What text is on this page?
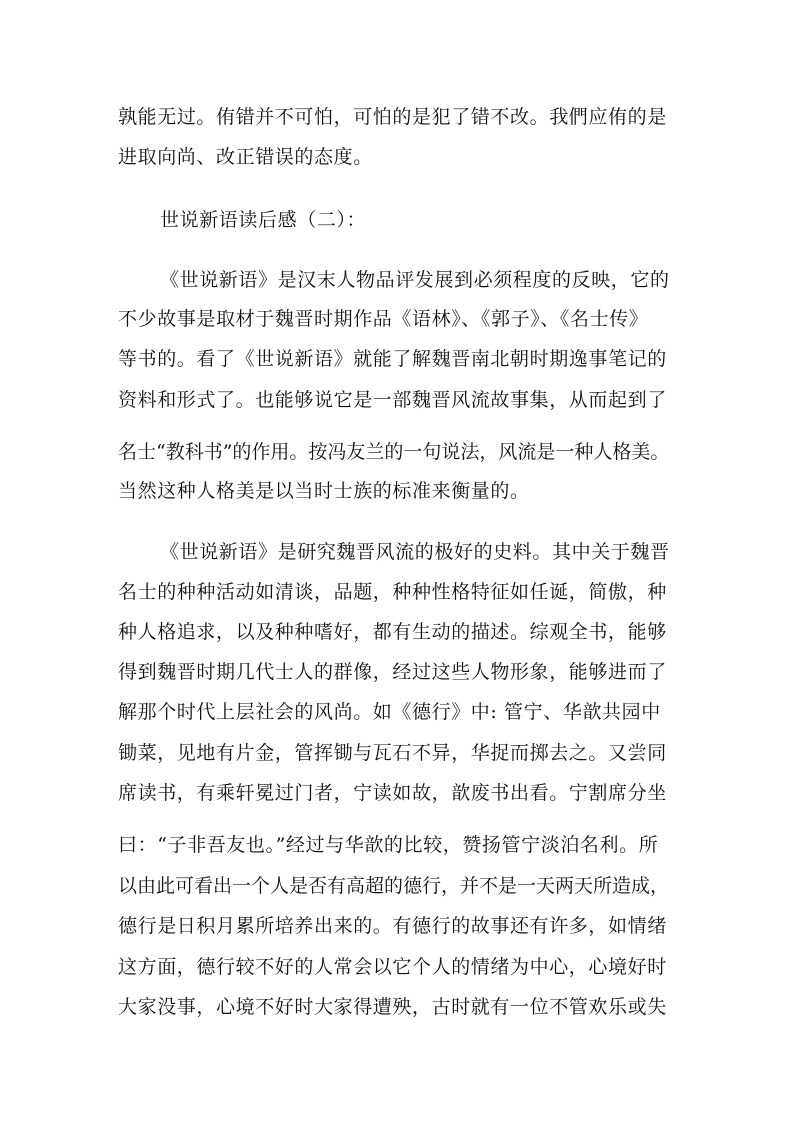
孰能无过。侑错并不可怕，可怕的是犯了错不改。我們应侑的是
进取向尚、改正错误的态度。
世说新语读后感（二）：
《世说新语》是汉末人物品评发展到必须程度的反映，它的
不少故事是取材于魏晋时期作品《语林》、《郭子》、《名士传》
等书的。看了《世说新语》就能了解魏晋南北朝时期逸事笔记的
资料和形式了。也能够说它是一部魏晋风流故事集，从而起到了
名士“教科书”的作用。按冯友兰的一句说法，风流是一种人格美。
当然这种人格美是以当时士族的标准来衡量的。
《世说新语》是研究魏晋风流的极好的史料。其中关于魏晋
名士的种种活动如清谈，品题，种种性格特征如任诞，简傲，种
种人格追求，以及种种嗜好，都有生动的描述。综观全书，能够
得到魏晋时期几代士人的群像，经过这些人物形象，能够进而了
解那个时代上层社会的风尚。如《德行》中: 管宁、华歆共园中
锄菜，见地有片金，管挥锄与瓦石不异，华捉而掷去之。又尝同
席读书，有乘轩冕过门者，宁读如故，歆废书出看。宁割席分坐
曰：“子非吾友也。”经过与华歆的比较，赞扬管宁淡泊名利。所
以由此可看出一个人是否有高超的德行，并不是一天两天所造成，
德行是日积月累所培养出来的。有德行的故事还有许多，如情绪
这方面，德行较不好的人常会以它个人的情绪为中心，心境好时
大家没事，心境不好时大家得遭殃，古时就有一位不管欢乐或失
